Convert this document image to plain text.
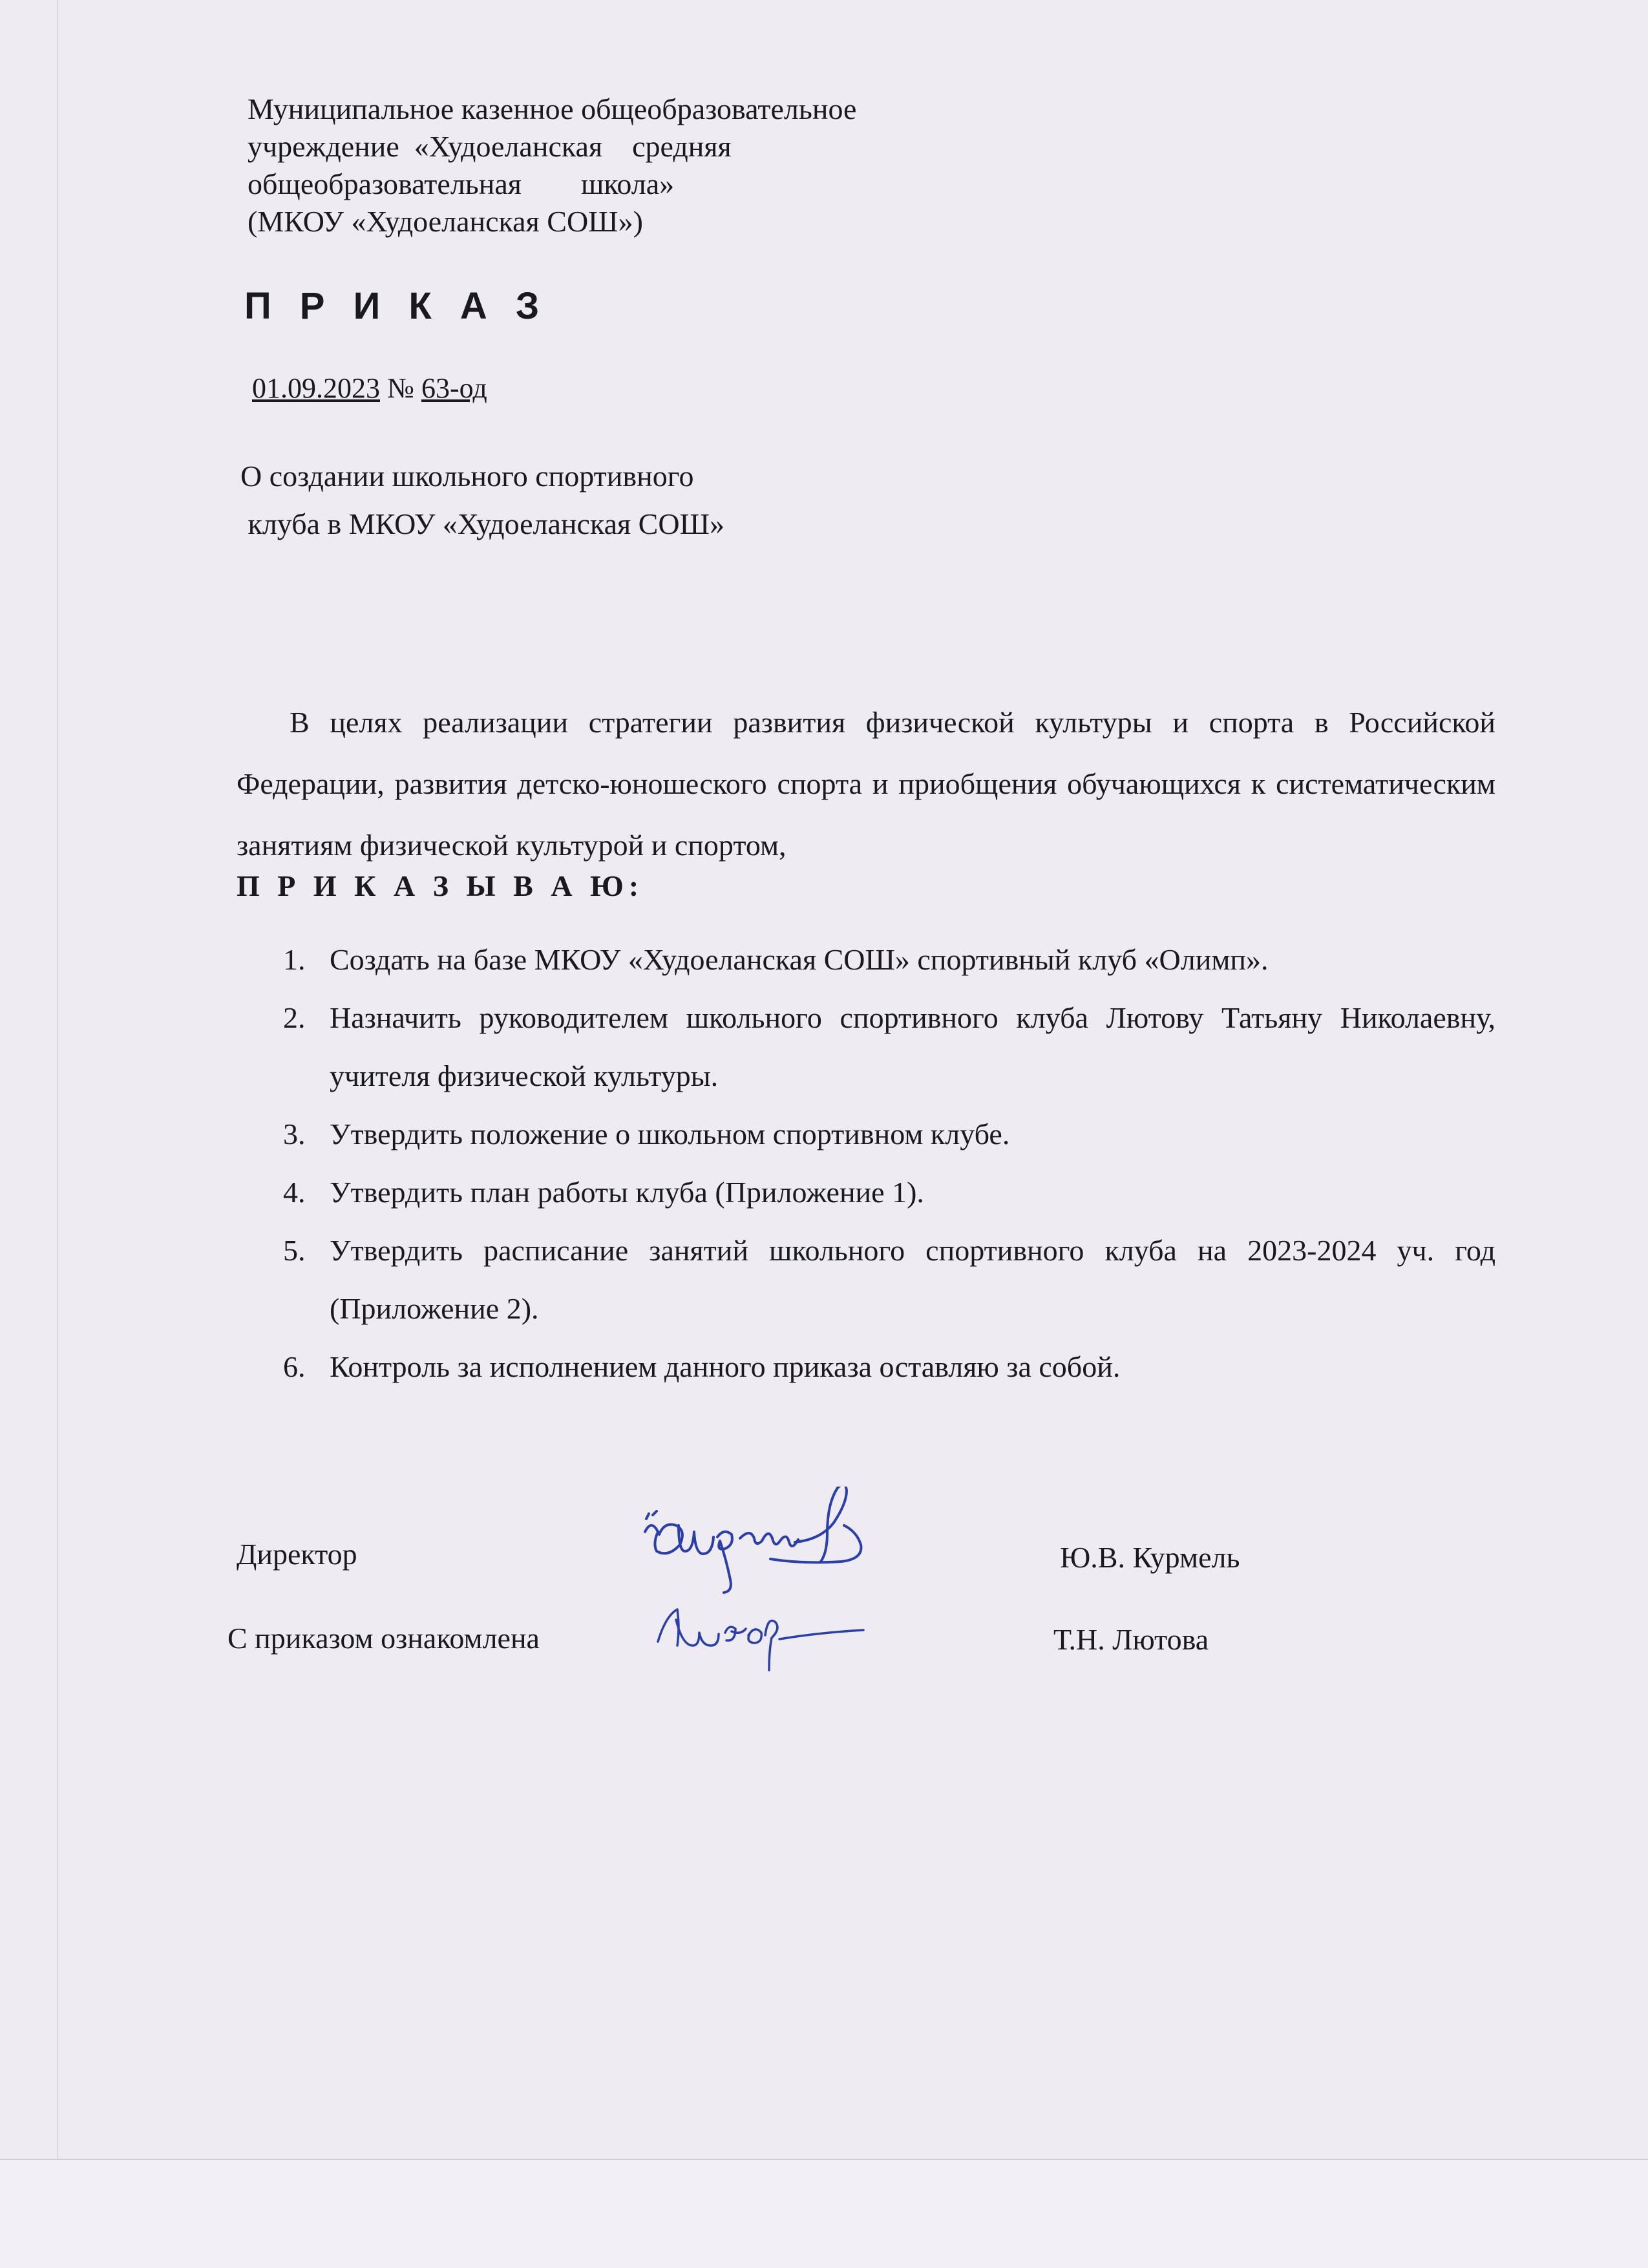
Муниципальное казенное общеобразовательное
учреждение  «Худоеланская    средняя
общеобразовательная        школа»
(МКОУ «Худоеланская СОШ»)
П Р И К А З
01.09.2023 № 63-од
О создании школьного спортивного
клуба в МКОУ «Худоеланская СОШ»
В целях реализации стратегии развития физической культуры и спорта в Российской Федерации, развития детско-юношеского спорта и приобщения обучающихся к систематическим занятиям физической культурой и спортом,
П Р И К А З Ы В А Ю:
1. Создать на базе МКОУ «Худоеланская СОШ» спортивный клуб «Олимп».
2. Назначить руководителем школьного спортивного клуба Лютову Татьяну Николаевну, учителя физической культуры.
3. Утвердить положение о школьном спортивном клубе.
4. Утвердить план работы клуба (Приложение 1).
5. Утвердить расписание занятий школьного спортивного клуба на 2023-2024 уч. год (Приложение 2).
6. Контроль за исполнением данного приказа оставляю за собой.
Директор	Ю.В. Курмель
С приказом ознакомлена	Т.Н. Лютова
